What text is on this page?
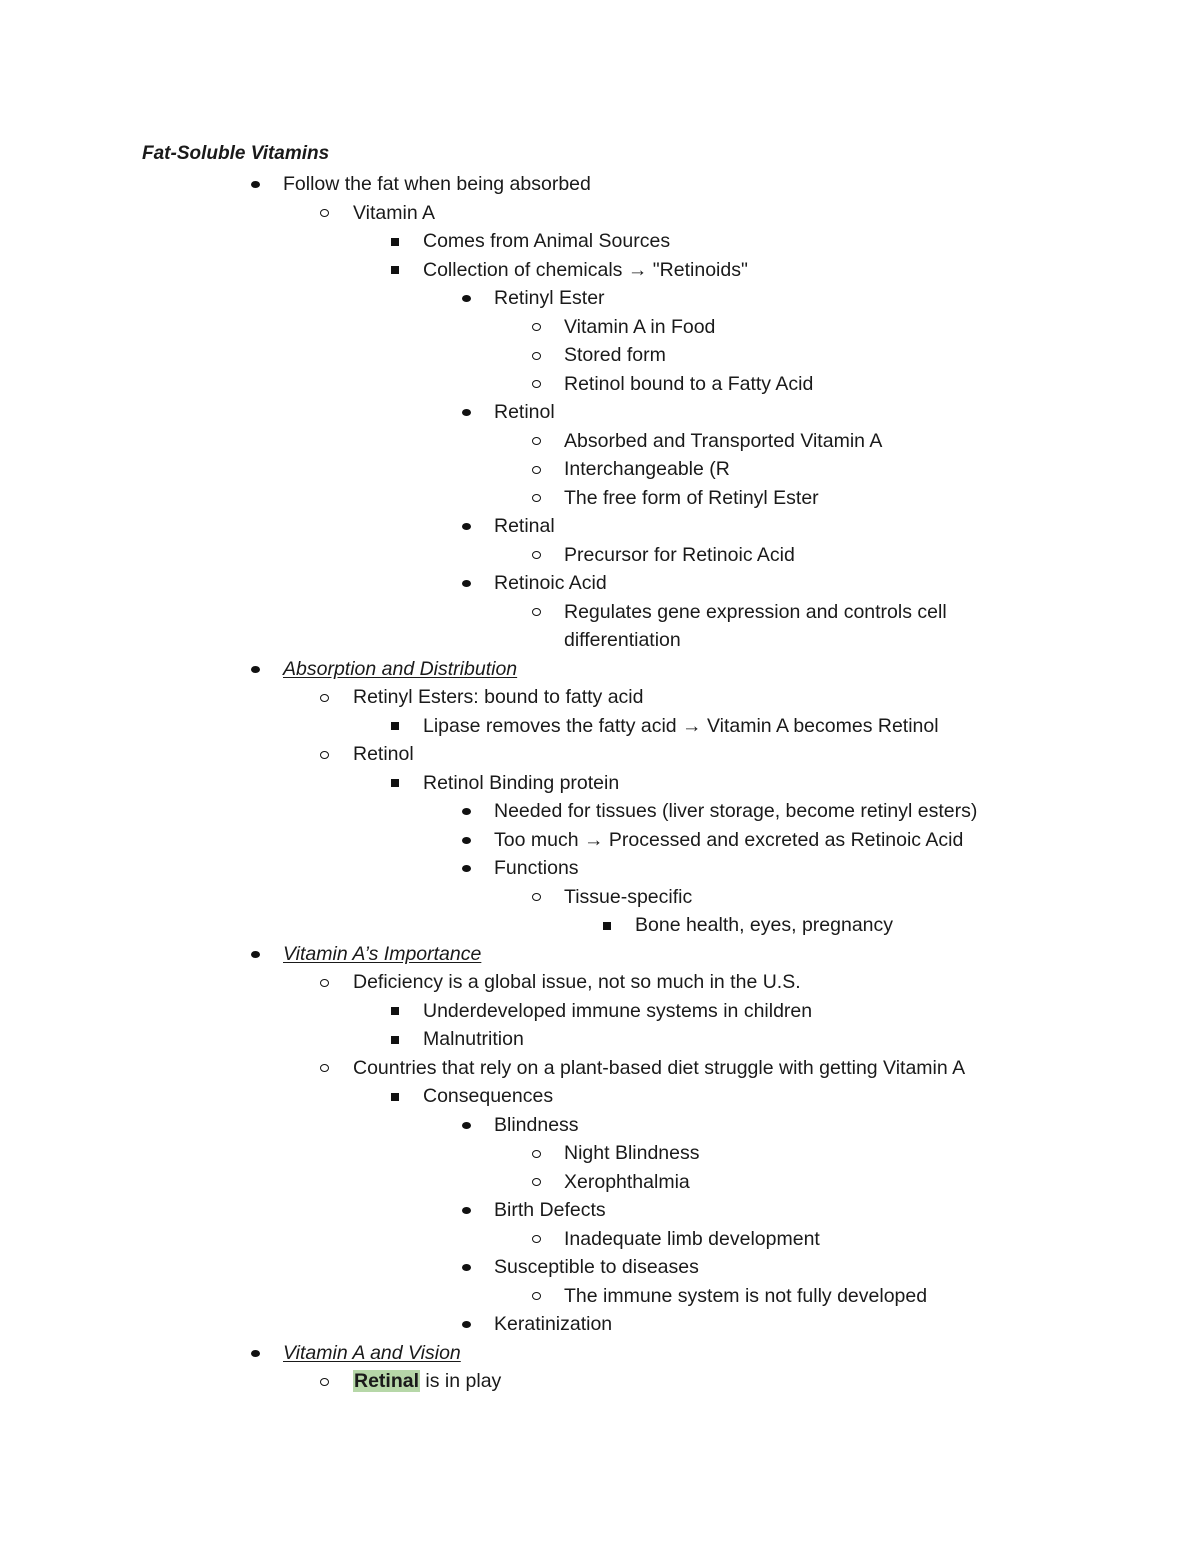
Fat-Soluble Vitamins
Follow the fat when being absorbed
Vitamin A
Comes from Animal Sources
Collection of chemicals → "Retinoids"
Retinyl Ester
Vitamin A in Food
Stored form
Retinol bound to a Fatty Acid
Retinol
Absorbed and Transported Vitamin A
Interchangeable (R
The free form of Retinyl Ester
Retinal
Precursor for Retinoic Acid
Retinoic Acid
Regulates gene expression and controls cell
differentiation
Absorption and Distribution
Retinyl Esters: bound to fatty acid
Lipase removes the fatty acid → Vitamin A becomes Retinol
Retinol
Retinol Binding protein
Needed for tissues (liver storage, become retinyl esters)
Too much → Processed and excreted as Retinoic Acid
Functions
Tissue-specific
Bone health, eyes, pregnancy
Vitamin A’s Importance
Deficiency is a global issue, not so much in the U.S.
Underdeveloped immune systems in children
Malnutrition
Countries that rely on a plant-based diet struggle with getting Vitamin A
Consequences
Blindness
Night Blindness
Xerophthalmia
Birth Defects
Inadequate limb development
Susceptible to diseases
The immune system is not fully developed
Keratinization
Vitamin A and Vision
Retinal is in play
